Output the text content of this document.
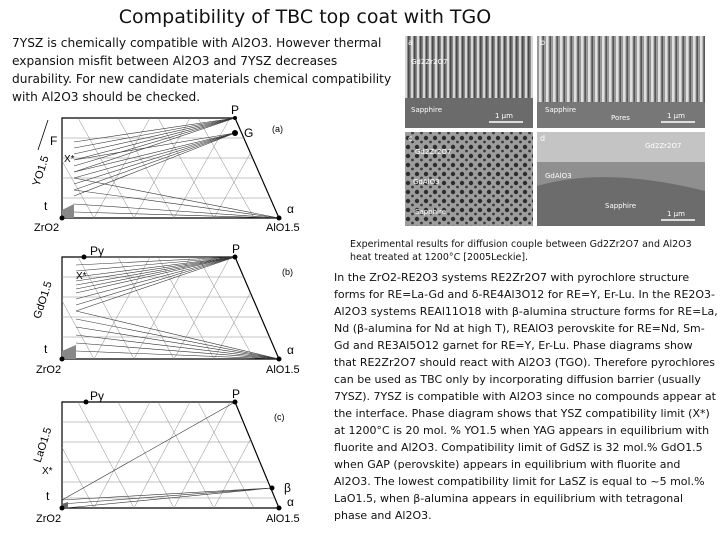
Compatibility of TBC top coat with TGO
7YSZ is chemically compatible with Al2O3. However thermal expansion misfit between Al2O3 and 7YSZ decreases durability. For new candidate materials chemical compatibility with Al2O3 should be checked.
YO1.5
P
F
X*
t
G
α
(a)
ZrO2	AlO1.5
GdO1.5
Py	P
X*
t	α
(b)
ZrO2	AlO1.5
LaO1.5
Py	P
X*
t
β
α
(c)
ZrO2	AlO1.5
a
Gd2Zr2O7
Sapphire
1 μm
b
Sapphire
Pores	1 μm
c
Gd2Zr2O7
GdAlO3
Sapphire
d
Gd2Zr2O7
GdAlO3
Sapphire
1 μm
Experimental results for diffusion couple between Gd2Zr2O7 and Al2O3 heat treated at 1200°C [2005Leckie].
In the ZrO2-RE2O3 systems RE2Zr2O7 with pyrochlore structure forms for RE=La-Gd and δ-RE4Al3O12 for RE=Y, Er-Lu. In the RE2O3-Al2O3 systems REAl11O18 with β-alumina structure forms for RE=La, Nd (β-alumina for Nd at high T), REAlO3 perovskite for RE=Nd, Sm-Gd and RE3Al5O12 garnet for RE=Y, Er-Lu. Phase diagrams show that RE2Zr2O7 should react with Al2O3 (TGO). Therefore pyrochlores can be used as TBC only by incorporating diffusion barrier (usually 7YSZ). 7YSZ is compatible with Al2O3 since no compounds appear at the interface. Phase diagram shows that YSZ compatibility limit (X*) at 1200°C is 20 mol. % YO1.5 when YAG appears in equilibrium with fluorite and Al2O3. Compatibility limit of GdSZ is 32 mol.% GdO1.5 when GAP (perovskite) appears in equilibrium with fluorite and Al2O3. The lowest compatibility limit for LaSZ is equal to ~5 mol.% LaO1.5, when β-alumina appears in equilibrium with tetragonal phase and Al2O3.
